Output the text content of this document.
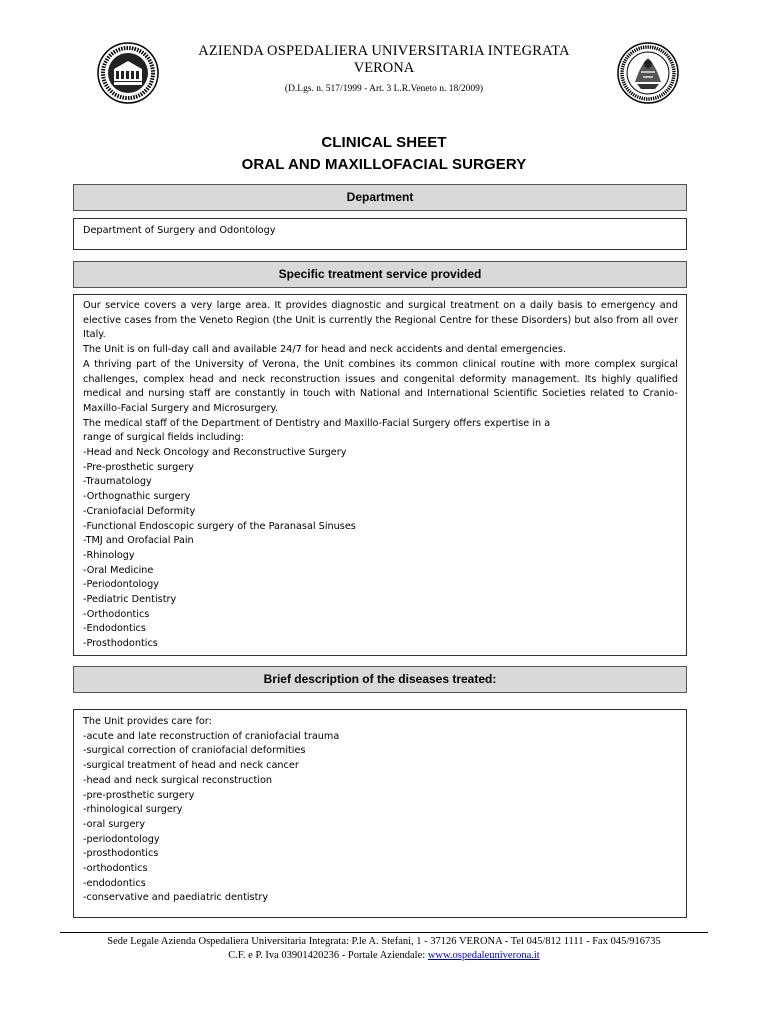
AZIENDA OSPEDALIERA UNIVERSITARIA INTEGRATA
VERONA
(D.Lgs. n. 517/1999 - Art. 3 L.R.Veneto n. 18/2009)
CLINICAL SHEET
ORAL AND MAXILLOFACIAL SURGERY
Department

Department of Surgery and Odontology

Specific treatment service provided

Our service covers a very large area. It provides diagnostic and surgical treatment on a daily basis to emergency and elective cases from the Veneto Region (the Unit is currently the Regional Centre for these Disorders) but also from all over Italy.

The Unit is on full-day call and available 24/7 for head and neck accidents and dental emergencies.

A thriving part of the University of Verona, the Unit combines its common clinical routine with more complex surgical challenges, complex head and neck reconstruction issues and congenital deformity management. Its highly qualified medical and nursing staff are constantly in touch with National and International Scientific Societies related to Cranio-Maxillo-Facial Surgery and Microsurgery.

The medical staff of the Department of Dentistry and Maxillo-Facial Surgery offers expertise in a

range of surgical fields including:

-Head and Neck Oncology and Reconstructive Surgery
-Pre-prosthetic surgery
-Traumatology
-Orthognathic surgery
-Craniofacial Deformity
-Functional Endoscopic surgery of the Paranasal Sinuses
-TMJ and Orofacial Pain
-Rhinology
-Oral Medicine
-Periodontology
-Pediatric Dentistry
-Orthodontics
-Endodontics
-Prosthodontics
Brief description of the diseases treated:

The Unit provides care for:

-acute and late reconstruction of craniofacial trauma
-surgical correction of craniofacial deformities
-surgical treatment of head and neck cancer
-head and neck surgical reconstruction
-pre-prosthetic surgery
-rhinological surgery
-oral surgery
-periodontology
-prosthodontics
-orthodontics
-endodontics
-conservative and paediatric dentistry
Sede Legale Azienda Ospedaliera Universitaria Integrata: P.le A. Stefani, 1 - 37126 VERONA - Tel 045/812 1111 - Fax 045/916735
C.F. e P. Iva 03901420236 - Portale Aziendale: www.ospedaleuniverona.it
